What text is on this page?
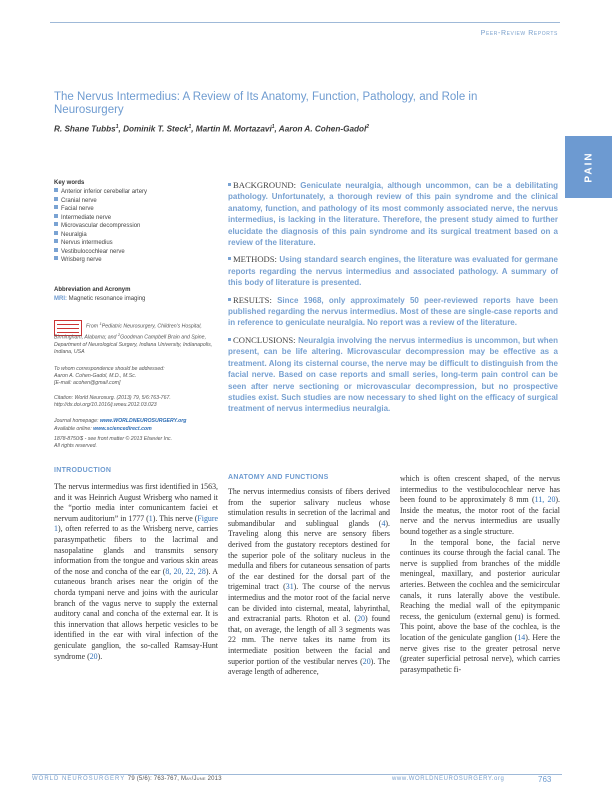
Peer-Review Reports
PAIN
The Nervus Intermedius: A Review of Its Anatomy, Function, Pathology, and Role in Neurosurgery
R. Shane Tubbs$^1$, Dominik T. Steck$^1$, Martin M. Mortazavi$^1$, Aaron A. Cohen-Gadol$^2$
Key words
Anterior inferior cerebellar artery
Cranial nerve
Facial nerve
Intermediate nerve
Microvascular decompression
Neuralgia
Nervus intermedius
Vestibulocochlear nerve
Wrisberg nerve
Abbreviation and Acronym
MRI: Magnetic resonance imaging
From $^1$Pediatric Neurosurgery, Children's Hospital, Birmingham, Alabama; and $^2$Goodman Campbell Brain and Spine, Department of Neurological Surgery, Indiana University, Indianapolis, Indiana, USA
To whom correspondence should be addressed:
Aaron A. Cohen-Gadol, M.D., M.Sc.
[E-mail: acohen@gmail.com]
Citation: World Neurosurg. (2013) 79, 5/6:763-767.
http://dx.doi.org/10.1016/j.wneu.2012.03.023
Journal homepage: www.WORLDNEUROSURGERY.org
Available online: www.sciencedirect.com
1878-8750/$ - see front matter © 2013 Elsevier Inc.
All rights reserved.

BACKGROUND: Geniculate neuralgia, although uncommon, can be a debilitating pathology. Unfortunately, a thorough review of this pain syndrome and the clinical anatomy, function, and pathology of its most commonly associated nerve, the nervus intermedius, is lacking in the literature. Therefore, the present study aimed to further elucidate the diagnosis of this pain syndrome and its surgical treatment based on a review of the literature.

METHODS: Using standard search engines, the literature was evaluated for germane reports regarding the nervus intermedius and associated pathology. A summary of this body of literature is presented.

RESULTS: Since 1968, only approximately 50 peer-reviewed reports have been published regarding the nervus intermedius. Most of these are single-case reports and in reference to geniculate neuralgia. No report was a review of the literature.

CONCLUSIONS: Neuralgia involving the nervus intermedius is uncommon, but when present, can be life altering. Microvascular decompression may be effective as a treatment. Along its cisternal course, the nerve may be difficult to distinguish from the facial nerve. Based on case reports and small series, long-term pain control can be seen after nerve sectioning or microvascular decompression, but no prospective studies exist. Such studies are now necessary to shed light on the efficacy of surgical treatment of nervus intermedius neuralgia.

INTRODUCTION

The nervus intermedius was first identified in 1563, and it was Heinrich August Wrisberg who named it the “portio media inter comunicantem faciei et nervum auditorium” in 1777 (1). This nerve (Figure 1), often referred to as the Wrisberg nerve, carries parasympathetic fibers to the lacrimal and nasopalatine glands and transmits sensory information from the tongue and various skin areas of the nose and concha of the ear (8, 20, 22, 28). A cutaneous branch arises near the origin of the chorda tympani nerve and joins with the auricular branch of the vagus nerve to supply the external auditory canal and concha of the external ear. It is this innervation that allows herpetic vesicles to be identified in the ear with viral infection of the geniculate ganglion, the so-called Ramsay-Hunt syndrome (20).

ANATOMY AND FUNCTIONS

The nervus intermedius consists of fibers derived from the superior salivary nucleus whose stimulation results in secretion of the lacrimal and submandibular and sublingual glands (4). Traveling along this nerve are sensory fibers derived from the gustatory receptors destined for the superior pole of the solitary nucleus in the medulla and fibers for cutaneous sensation of parts of the ear destined for the dorsal part of the trigeminal tract (31). The course of the nervus intermedius and the motor root of the facial nerve can be divided into cisternal, meatal, labyrinthal, and extracranial parts. Rhoton et al. (20) found that, on average, the length of all 3 segments was 22 mm. The nerve takes its name from its intermediate position between the facial and superior portion of the vestibular nerves (20). The average length of adherence,

which is often crescent shaped, of the nervus intermedius to the vestibulocochlear nerve has been found to be approximately 8 mm (11, 20). Inside the meatus, the motor root of the facial nerve and the nervus intermedius are usually bound together as a single structure.

In the temporal bone, the facial nerve continues its course through the facial canal. The nerve is supplied from branches of the middle meningeal, maxillary, and posterior auricular arteries. Between the cochlea and the semicircular canals, it runs laterally above the vestibule. Reaching the medial wall of the epitympanic recess, the geniculum (external genu) is formed. This point, above the base of the cochlea, is the location of the geniculate ganglion (14). Here the nerve gives rise to the greater petrosal nerve (greater superficial petrosal nerve), which carries parasympathetic fi-

WORLD NEUROSURGERY 79 (5/6): 763-767, May/June 2013	www.WORLDNEUROSURGERY.org	763
